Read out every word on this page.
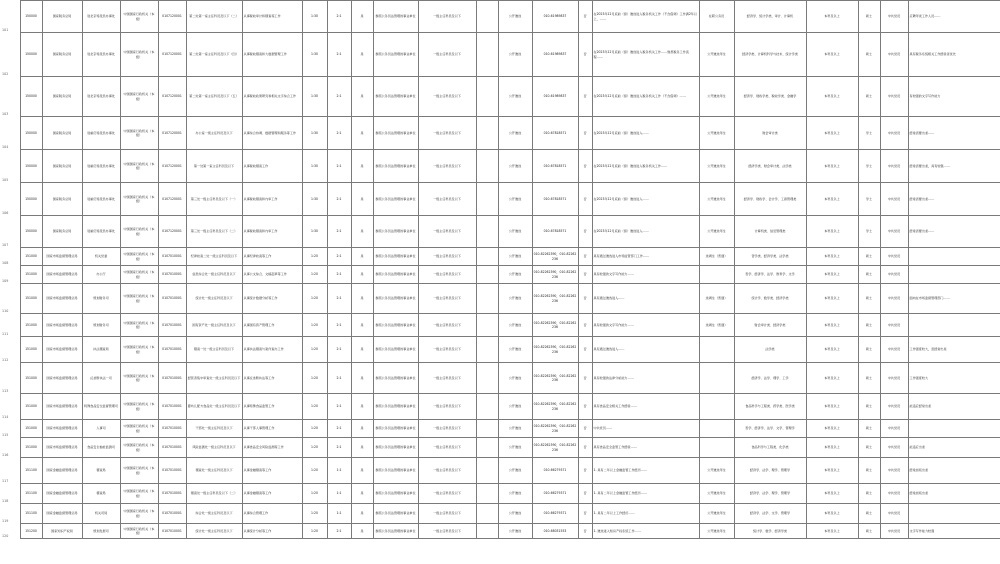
101	150000	国家税务总局	驻北京特派员办事处	中国国家行政机关（本级）	0107120001	第二处第一室主任科员及以下（二）	从事税收审计和稽查等工作	1:30	2:1	是	参照公务员法管理的事业单位	一级主任科员及以下		公开遴选	010-61989837	否	在2023年12月底前（拟）遴选进入税务机关工作（不含借调）工作满2年以上，……	在职公务员	经济学、统计学类、审计、计算机	本科及以上	硕士	中共党员	应聘考录工作人员……
102	150000	国家税务总局	驻北京特派员办事处	中国国家行政机关（本级）	0107120001	第二处第一室主任科员及以下（四）	从事税收稽查和大数据管理工作	1:30	2:1	是	参照公务员法管理的事业单位	一级主任科员及以下		公开遴选	010-61989837	否	在2023年12月底前（拟）遴选进入税务机关工作……熟悉税务工作流程……	公开遴选考生	经济学类、计算机科学与技术、统计学类	本科及以上	硕士	中共党员	具有税务系统相关工作经验者优先
103	150000	国家税务总局	驻北京特派员办事处	中国国家行政机关（本级）	0107120001	第二处第一室主任科员及以下（五）	从事税收政策研究和相关文字综合工作	1:30	2:1	是	参照公务员法管理的事业单位	一级主任科员及以下		公开遴选	010-61989837	否	在2023年12月底前（拟）遴选进入税务机关工作（不含借调）……	公开遴选考生	经济学、财政学类、税收学类、金融学	本科及以上	硕士	中共党员	有较强的文字写作能力
104	150000	国家税务总局	驻重庆特派员办事处	中国国家行政机关（本级）	0107120001	办公室一级主任科员及以下	从事综合协调、数据管理和服务等工作	1:30	2:1	是	参照公务员法管理的事业单位	一级主任科员及以下		公开遴选	010-67818571	否	在2023年12月底前（拟）遴选进入……	公开遴选考生	财会审计类	本科及以上	学士	中共党员	经常需要出差……
105	150000	国家税务总局	驻重庆特派员办事处	中国国家行政机关（本级）	0107120001	第一处第一室主任科员及以下	从事税收稽查工作	1:30	2:1	是	参照公务员法管理的事业单位	一级主任科员及以下		公开遴选	010-67818571	否	在2023年12月底前（拟）遴选进入税务机关工作……	公开遴选考生	经济学类、财会审计类、法学类	本科及以上	学士	中共党员	经常需要出差，具有较强……
106	150000	国家税务总局	驻重庆特派员办事处	中国国家行政机关（本级）	0107120001	第三处一级主任科员及以下（一）	从事税收稽查和内审工作	1:30	2:1	是	参照公务员法管理的事业单位	一级主任科员及以下		公开遴选	010-67818571	否	在2023年12月底前（拟）遴选进入……	公开遴选考生	经济学、财政学、会计学、工商管理类	本科及以上	学士	中共党员	经常需要出差……
107	150000	国家税务总局	驻重庆特派员办事处	中国国家行政机关（本级）	0107120001	第三处一级主任科员及以下（二）	从事税收稽查和内审工作	1:30	2:1	是	参照公务员法管理的事业单位	一级主任科员及以下		公开遴选	010-67818571	否	在2023年12月底前（拟）遴选进入……	公开遴选考生	计算机类、信息管理类	本科及以上	学士	中共党员	经常需要出差……
108	151000	国家市场监督管理总局	机关党委	中国国家行政机关（本级）	0107010001	纪律检查二处一级主任科员及以下	从事纪律检查等工作	1:20	2:1	是	参照公务员法管理的事业单位	一级主任科员及以下		公开遴选	010-82262390，010-82262236	否	具有通过遴选进入市场监管部门工作……	选调生（普通）	哲学类、经济学类、法学类	本科及以上	硕士	中共党员	
109	151000	国家市场监督管理总局	办公厅	中国国家行政机关（本级）	0107010001	信息综合处一级主任科员及以下	从事公文综合、文稿起草等工作	1:20	2:1	是	参照公务员法管理的事业单位	一级主任科员及以下		公开遴选	010-82262390，010-82262236	否	具有较强的文字写作能力……		哲学、经济学、法学、教育学、文学	本科及以上	硕士	中共党员	
110	151000	国家市场监督管理总局	规划财务司	中国国家行政机关（本级）	0107010001	统计处一级主任科员及以下	从事统计数据分析等工作	1:20	2:1	是	参照公务员法管理的事业单位	一级主任科员及以下		公开遴选	010-82262390，010-82262236	否	具有通过遴选进入……	选调生（普通）	统计学、数学类、经济学类	本科及以上	硕士	中共党员	面向在市场监督管理部门……
111	151000	国家市场监督管理总局	规划财务司	中国国家行政机关（本级）	0107010001	国有资产处一级主任科员及以下	从事国有资产管理工作	1:20	2:1	是	参照公务员法管理的事业单位	一级主任科员及以下		公开遴选	010-82262390，010-82262236	否	具有较强的文字写作能力……	选调生（普通）	财会审计类、经济学类	本科及以上	硕士	中共党员	
112	151000	国家市场监督管理总局	执法稽查局	中国国家行政机关（本级）	0107010001	稽查一处一级主任科员及以下	从事执法稽查与案件查办工作	1:20	2:1	是	参照公务员法管理的事业单位	一级主任科员及以下		公开遴选	010-82262390，010-82262236	否	具有通过遴选进入……		法学类	本科及以上	硕士	中共党员	工作强度较大，需经常出差
113	151000	国家市场监督管理总局	反垄断执法一司	中国国家行政机关（本级）	0107010001	经营者集中审查处一级主任科员及以下	从事反垄断执法等工作	1:20	2:1	是	参照公务员法管理的事业单位	一级主任科员及以下		公开遴选	010-82262390，010-82262236	否	具有较强的法律分析能力……		经济学、法学、理学、工学	本科及以上	硕士	中共党员	工作强度较大
114	151000	国家市场监督管理总局	特殊食品安全监督管理司	中国国家行政机关（本级）	0107010001	婴幼儿配方食品处一级主任科员及以下	从事特殊食品监管工作	1:20	2:1	是	参照公务员法管理的事业单位	一级主任科员及以下		公开遴选	010-82262390，010-82262236	否	具有食品安全相关工作经验……		食品科学与工程类、药学类、医学类	本科及以上	硕士	中共党员	能适应经常出差
115	151000	国家市场监督管理总局	人事司	中国国家行政机关（本级）	0107010001	干部处一级主任科员及以下	从事干部人事管理工作	1:20	2:1	是	参照公务员法管理的事业单位	一级主任科员及以下		公开遴选	010-82262390，010-82262236	否	中共党员……		哲学、经济学、法学、文学、管理学	本科及以上	硕士	中共党员	
116	151000	国家市场监督管理总局	食品安全抽检监测司	中国国家行政机关（本级）	0107010001	风险监测处一级主任科员及以下	从事食品安全风险监测等工作	1:20	2:1	是	参照公务员法管理的事业单位	一级主任科员及以下		公开遴选	010-82262390，010-82262236	否	具有食品安全监管工作经验……		食品科学与工程类、化学类	本科及以上	硕士	中共党员	能适应出差
117	151100	国家金融监督管理总局	稽查局	中国国家行政机关（本级）	0107010001	稽查处一级主任科员及以下	从事金融稽查等工作	1:20	1:1	是	参照公务员法管理的事业单位	一级主任科员及以下		公开遴选	010-66279371	否	1. 具有二年以上金融监管工作经历……	公开遴选考生	经济学、法学、理学、管理学	本科及以上	硕士	中共党员	经常加班出差
118	151100	国家金融监督管理总局	稽查局	中国国家行政机关（本级）	0107010001	稽查处一级主任科员及以下（二）	从事金融稽查等工作	1:20	1:1	是	参照公务员法管理的事业单位	一级主任科员及以下		公开遴选	010-66279371	否	1. 具有二年以上金融监管工作经历……	公开遴选考生	经济学、法学、理学、管理学	本科及以上	硕士	中共党员	经常加班出差
119	151100	国家金融监督管理总局	机关司局	中国国家行政机关（本级）	0107010001	综合处一级主任科员及以下	从事综合管理工作	1:20	1:1	是	参照公务员法管理的事业单位	一级主任科员及以下		公开遴选	010-66279371	否	1. 具有二年以上工作经历……	公开遴选考生	经济学、法学、文学、管理学	本科及以上	硕士	中共党员	
120	151200	国家知识产权局	规划发展司	中国国家行政机关（本级）	0107010001	统计处一级主任科员及以下	从事统计分析等工作	1:20	2:1	是	参照公务员法管理的事业单位	一级主任科员及以下		公开遴选	010-68031553	否	1. 遴选进入知识产权系统工作……	公开遴选考生	统计学、数学、经济学类	本科及以上	硕士	中共党员	文字写作能力较强
